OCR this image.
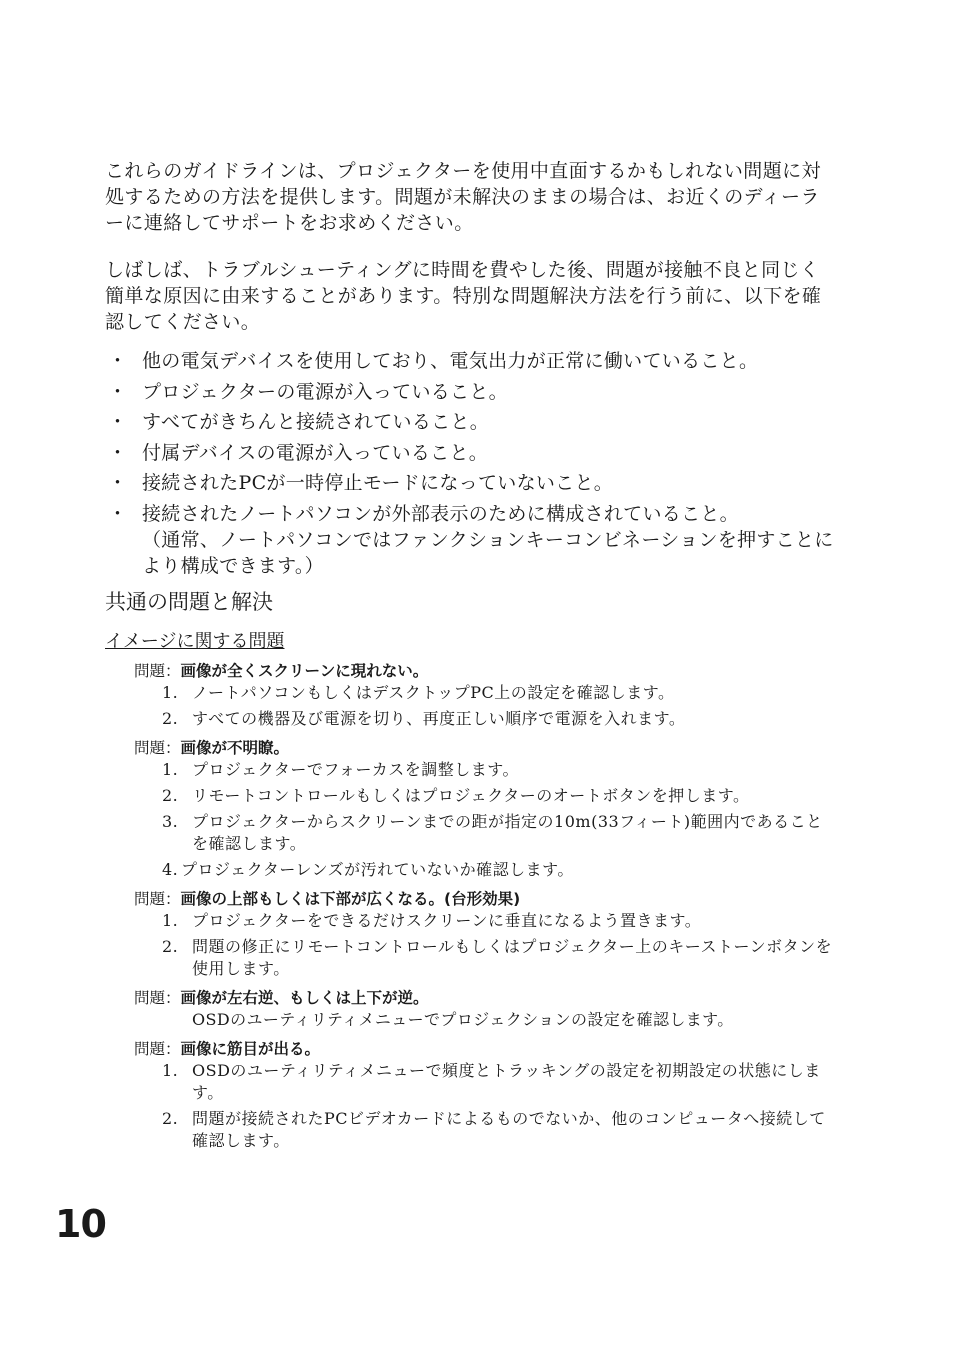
これらのガイドラインは、プロジェクターを使用中直面するかもしれない問題に対処するための方法を提供します。問題が未解決のままの場合は、お近くのディーラーに連絡してサポートをお求めください。

しばしば、トラブルシューティングに時間を費やした後、問題が接触不良と同じく簡単な原因に由来することがあります。特別な問題解決方法を行う前に、以下を確認してください。

・ 他の電気デバイスを使用しており、電気出力が正常に働いていること。
・ プロジェクターの電源が入っていること。
・ すべてがきちんと接続されていること。
・ 付属デバイスの電源が入っていること。
・ 接続されたPCが一時停止モードになっていないこと。
・ 接続されたノートパソコンが外部表示のために構成されていること。
（通常、ノートパソコンではファンクションキーコンビネーションを押すことにより構成できます。）
共通の問題と解決
イメージに関する問題

問題：画像が全くスクリーンに現れない。

1. ノートパソコンもしくはデスクトップPC上の設定を確認します。
2. すべての機器及び電源を切り、再度正しい順序で電源を入れます。

問題：画像が不明瞭。

1. プロジェクターでフォーカスを調整します。
2. リモートコントロールもしくはプロジェクターのオートボタンを押します。
3. プロジェクターからスクリーンまでの距が指定の10m(33フィート)範囲内であることを確認します。
4. プロジェクターレンズが汚れていないか確認します。

問題：画像の上部もしくは下部が広くなる。(台形効果)

1. プロジェクターをできるだけスクリーンに垂直になるよう置きます。
2. 問題の修正にリモートコントロールもしくはプロジェクター上のキーストーンボタンを使用します。

問題：画像が左右逆、もしくは上下が逆。

OSDのユーティリティメニューでプロジェクションの設定を確認します。

問題：画像に筋目が出る。

1. OSDのユーティリティメニューで頻度とトラッキングの設定を初期設定の状態にします。
2. 問題が接続されたPCビデオカードによるものでないか、他のコンピュータへ接続して確認します。

10
